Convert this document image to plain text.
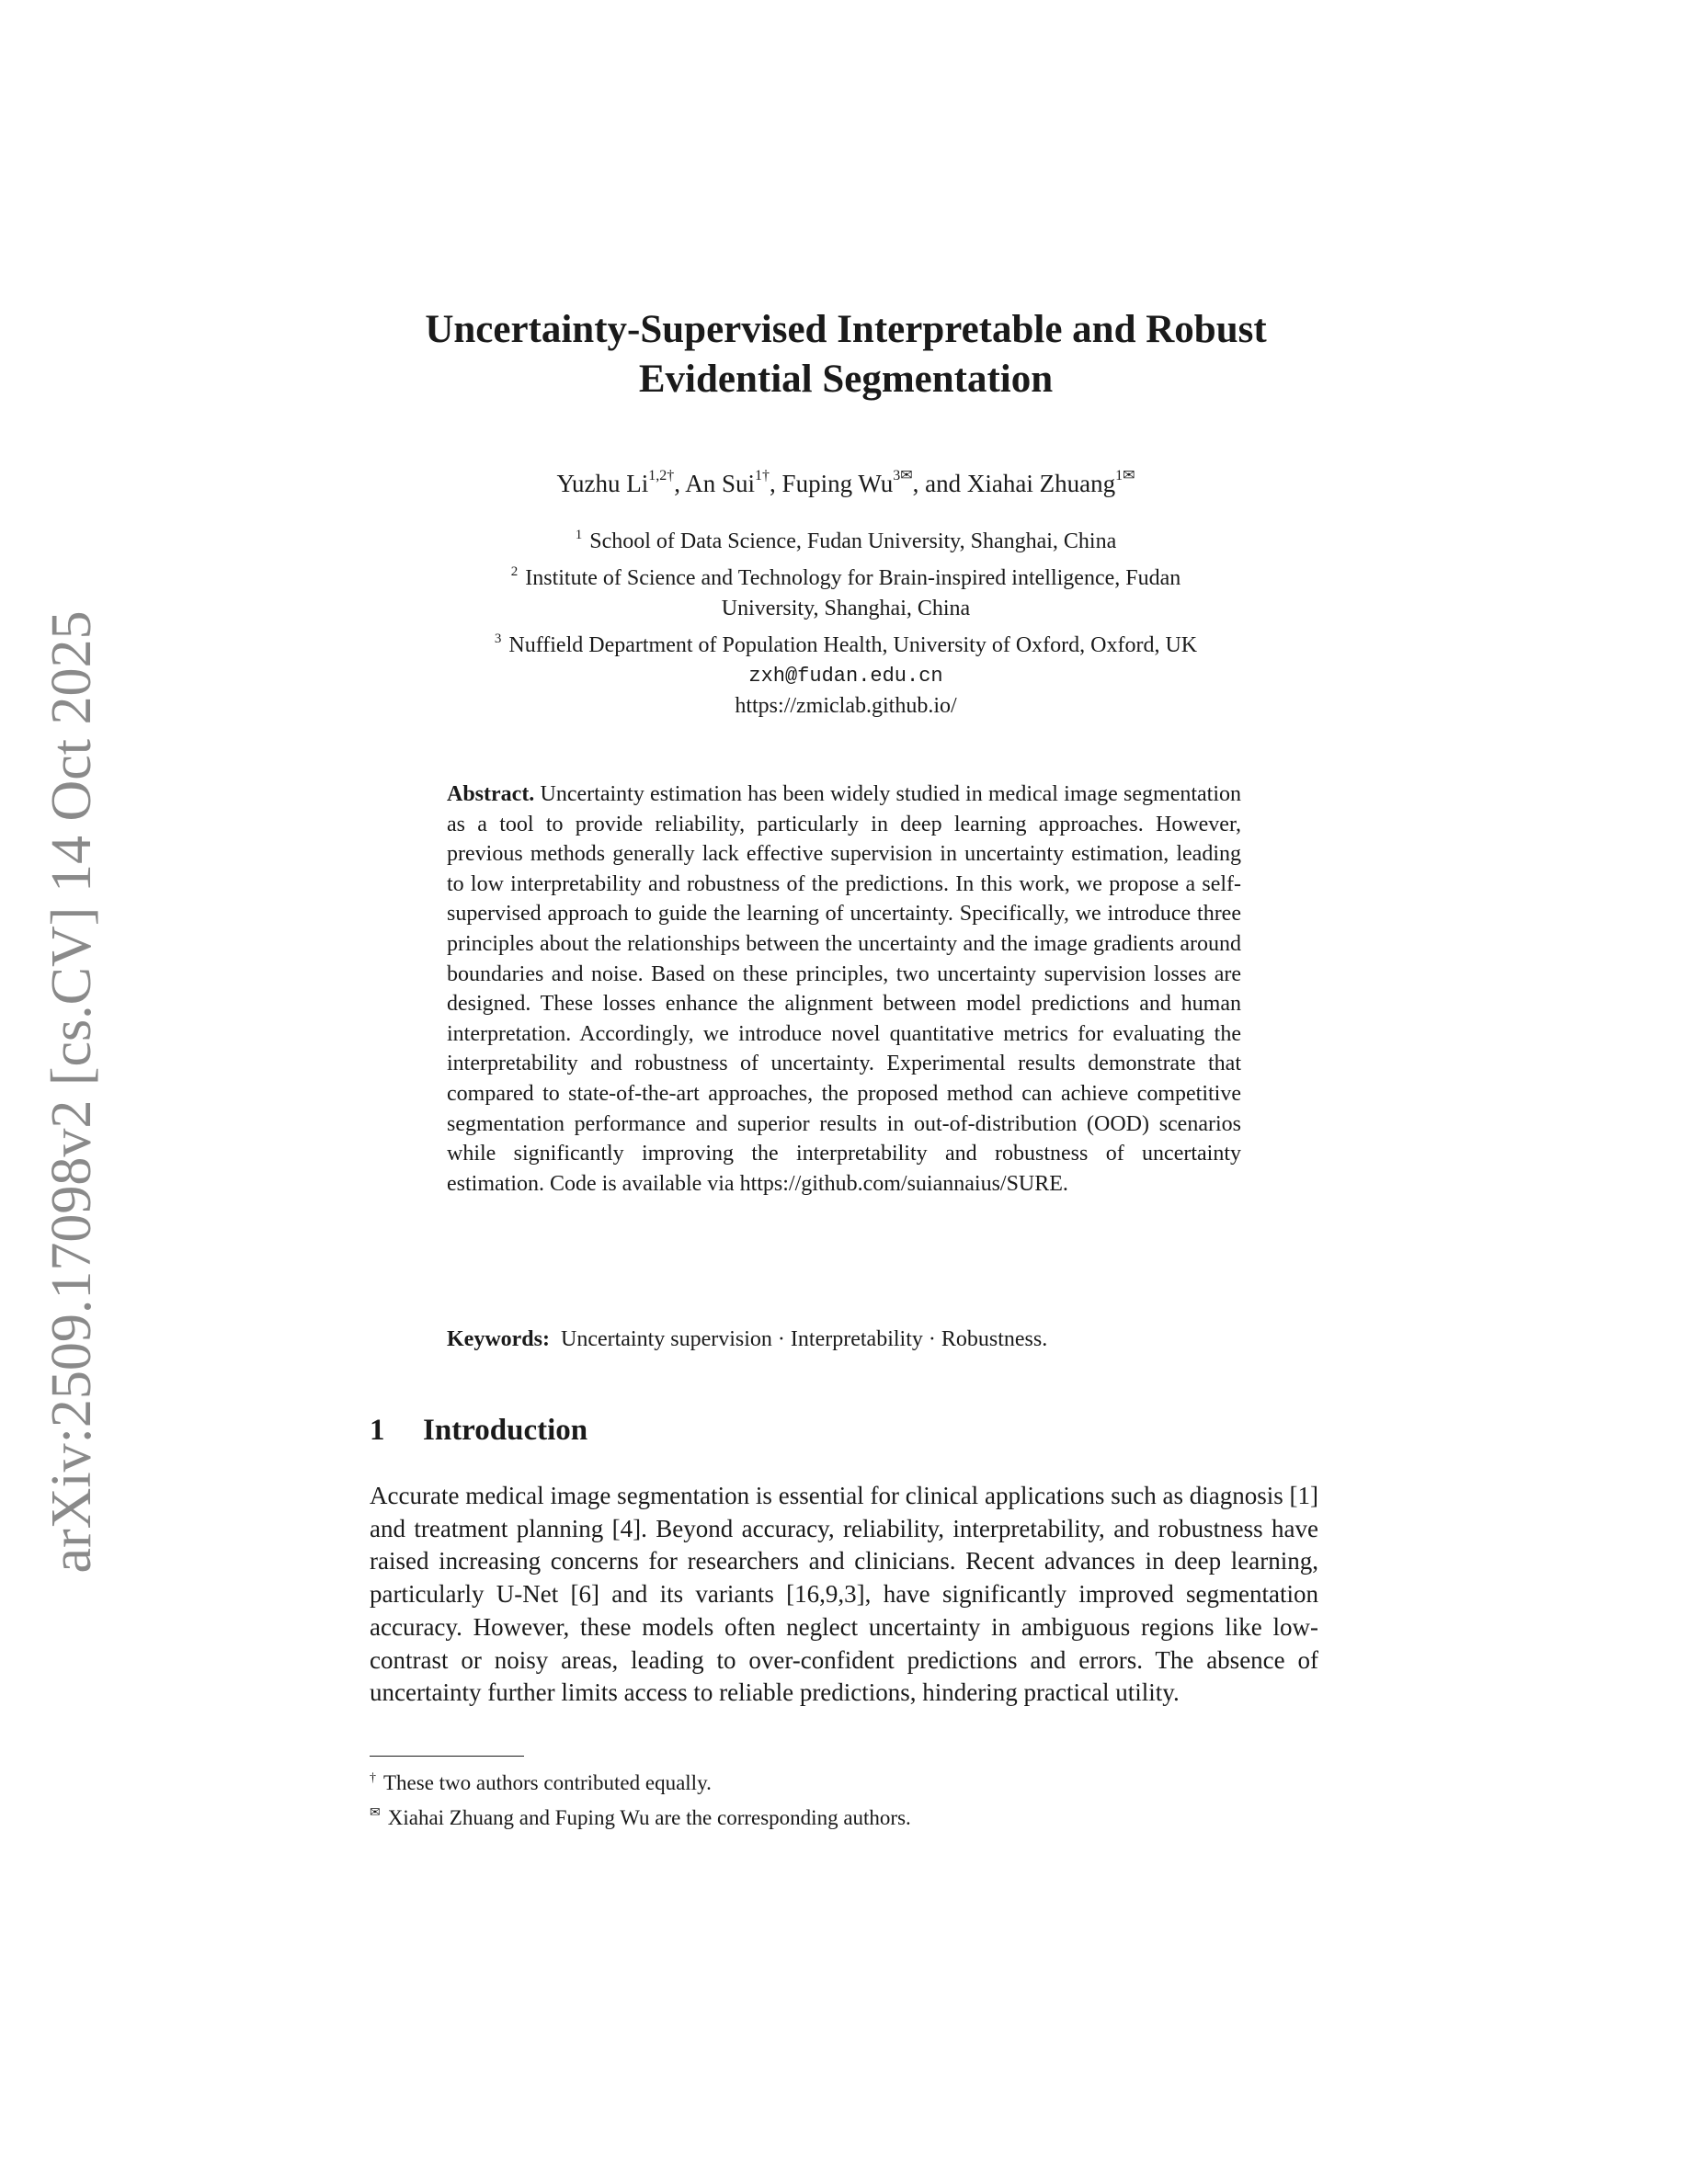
arXiv:2509.17098v2 [cs.CV] 14 Oct 2025
Uncertainty-Supervised Interpretable and Robust
Evidential Segmentation
Yuzhu $Li^{1,2\dagger}$, An Sui$^{1\dagger}$, Fuping $Wu^{3✉}$, and Xiahai Zhuang$^{1✉}$
$^1$ School of Data Science, Fudan University, Shanghai, China
$^2$ Institute of Science and Technology for Brain-inspired intelligence, Fudan
University, Shanghai, China
$^3$ Nuffield Department of Population Health, University of Oxford, Oxford, UK
zxh@fudan.edu.cn
https://zmiclab.github.io/
Abstract. Uncertainty estimation has been widely studied in medical image segmentation as a tool to provide reliability, particularly in deep learning approaches. However, previous methods generally lack effective supervision in uncertainty estimation, leading to low interpretability and robustness of the predictions. In this work, we propose a self-supervised approach to guide the learning of uncertainty. Specifically, we introduce three principles about the relationships between the uncertainty and the image gradients around boundaries and noise. Based on these principles, two uncertainty supervision losses are designed. These losses enhance the alignment between model predictions and human interpretation. Accordingly, we introduce novel quantitative metrics for evaluating the interpretability and robustness of uncertainty. Experimental results demonstrate that compared to state-of-the-art approaches, the proposed method can achieve competitive segmentation performance and superior results in out-of-distribution (OOD) scenarios while significantly improving the interpretability and robustness of uncertainty estimation. Code is available via https://github.com/suiannaius/SURE.
Keywords: Uncertainty supervision · Interpretability · Robustness.
1 Introduction
Accurate medical image segmentation is essential for clinical applications such as diagnosis [1] and treatment planning [4]. Beyond accuracy, reliability, interpretability, and robustness have raised increasing concerns for researchers and clinicians. Recent advances in deep learning, particularly U-Net [6] and its variants [16,9,3], have significantly improved segmentation accuracy. However, these models often neglect uncertainty in ambiguous regions like low-contrast or noisy areas, leading to over-confident predictions and errors. The absence of uncertainty further limits access to reliable predictions, hindering practical utility.
† These two authors contributed equally.
✉ Xiahai Zhuang and Fuping Wu are the corresponding authors.
